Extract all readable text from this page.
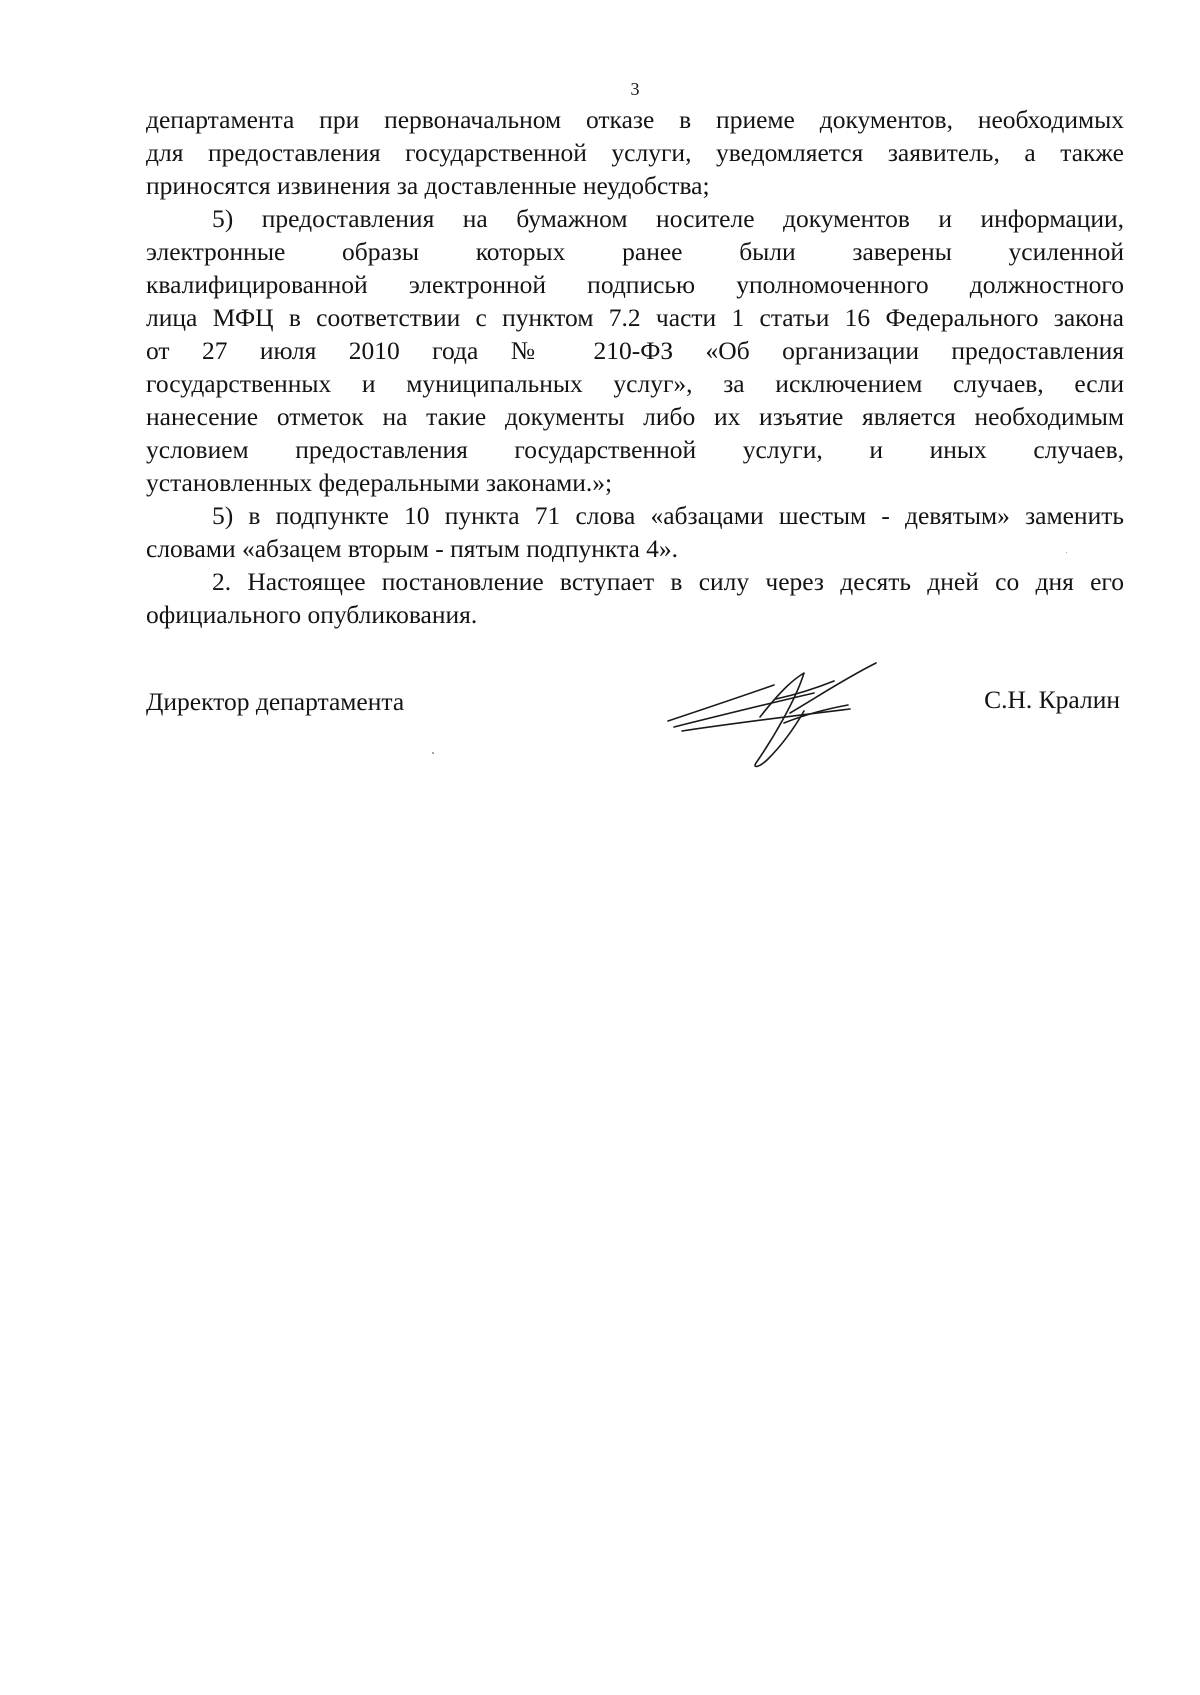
3

департамента при первоначальном отказе в приеме документов, необходимых
для предоставления государственной услуги, уведомляется заявитель, а также
приносятся извинения за доставленные неудобства;

5) предоставления на бумажном носителе документов и информации,
электронные образы которых ранее были заверены усиленной
квалифицированной электронной подписью уполномоченного должностного
лица МФЦ в соответствии с пунктом 7.2 части 1 статьи 16 Федерального закона
от 27 июля 2010 года № 210-ФЗ «Об организации предоставления
государственных и муниципальных услуг», за исключением случаев, если
нанесение отметок на такие документы либо их изъятие является необходимым
условием предоставления государственной услуги, и иных случаев,
установленных федеральными законами.»;

5) в подпункте 10 пункта 71 слова «абзацами шестым - девятым» заменить
словами «абзацем вторым - пятым подпункта 4».

2. Настоящее постановление вступает в силу через десять дней со дня его
официального опубликования.

Директор департамента	С.Н. Кралин
